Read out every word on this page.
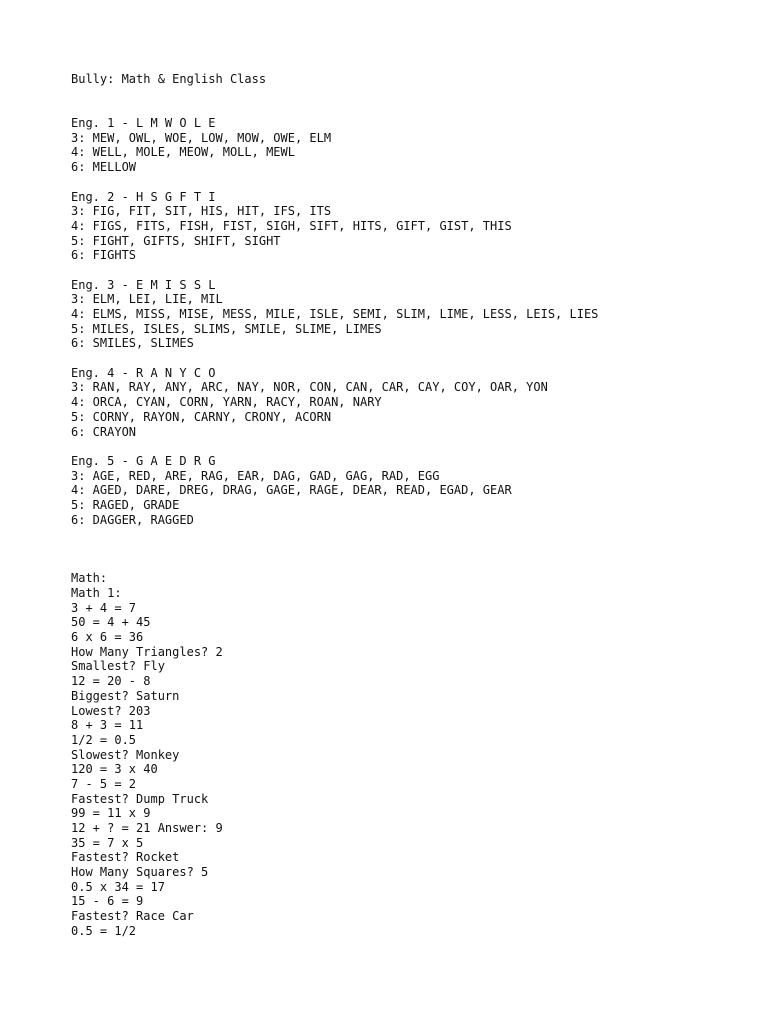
Bully: Math & English Class
Eng. 1 - L M W O L E
3: MEW, OWL, WOE, LOW, MOW, OWE, ELM
4: WELL, MOLE, MEOW, MOLL, MEWL
6: MELLOW
Eng. 2 - H S G F T I
3: FIG, FIT, SIT, HIS, HIT, IFS, ITS
4: FIGS, FITS, FISH, FIST, SIGH, SIFT, HITS, GIFT, GIST, THIS
5: FIGHT, GIFTS, SHIFT, SIGHT
6: FIGHTS
Eng. 3 - E M I S S L
3: ELM, LEI, LIE, MIL
4: ELMS, MISS, MISE, MESS, MILE, ISLE, SEMI, SLIM, LIME, LESS, LEIS, LIES
5: MILES, ISLES, SLIMS, SMILE, SLIME, LIMES
6: SMILES, SLIMES
Eng. 4 - R A N Y C O
3: RAN, RAY, ANY, ARC, NAY, NOR, CON, CAN, CAR, CAY, COY, OAR, YON
4: ORCA, CYAN, CORN, YARN, RACY, ROAN, NARY
5: CORNY, RAYON, CARNY, CRONY, ACORN
6: CRAYON
Eng. 5 - G A E D R G
3: AGE, RED, ARE, RAG, EAR, DAG, GAD, GAG, RAD, EGG
4: AGED, DARE, DREG, DRAG, GAGE, RAGE, DEAR, READ, EGAD, GEAR
5: RAGED, GRADE
6: DAGGER, RAGGED
Math:
Math 1:
3 + 4 = 7
50 = 4 + 45
6 x 6 = 36
How Many Triangles? 2
Smallest? Fly
12 = 20 - 8
Biggest? Saturn
Lowest? 203
8 + 3 = 11
1/2 = 0.5
Slowest? Monkey
120 = 3 x 40
7 - 5 = 2
Fastest? Dump Truck
99 = 11 x 9
12 + ? = 21 Answer: 9
35 = 7 x 5
Fastest? Rocket
How Many Squares? 5
0.5 x 34 = 17
15 - 6 = 9
Fastest? Race Car
0.5 = 1/2
